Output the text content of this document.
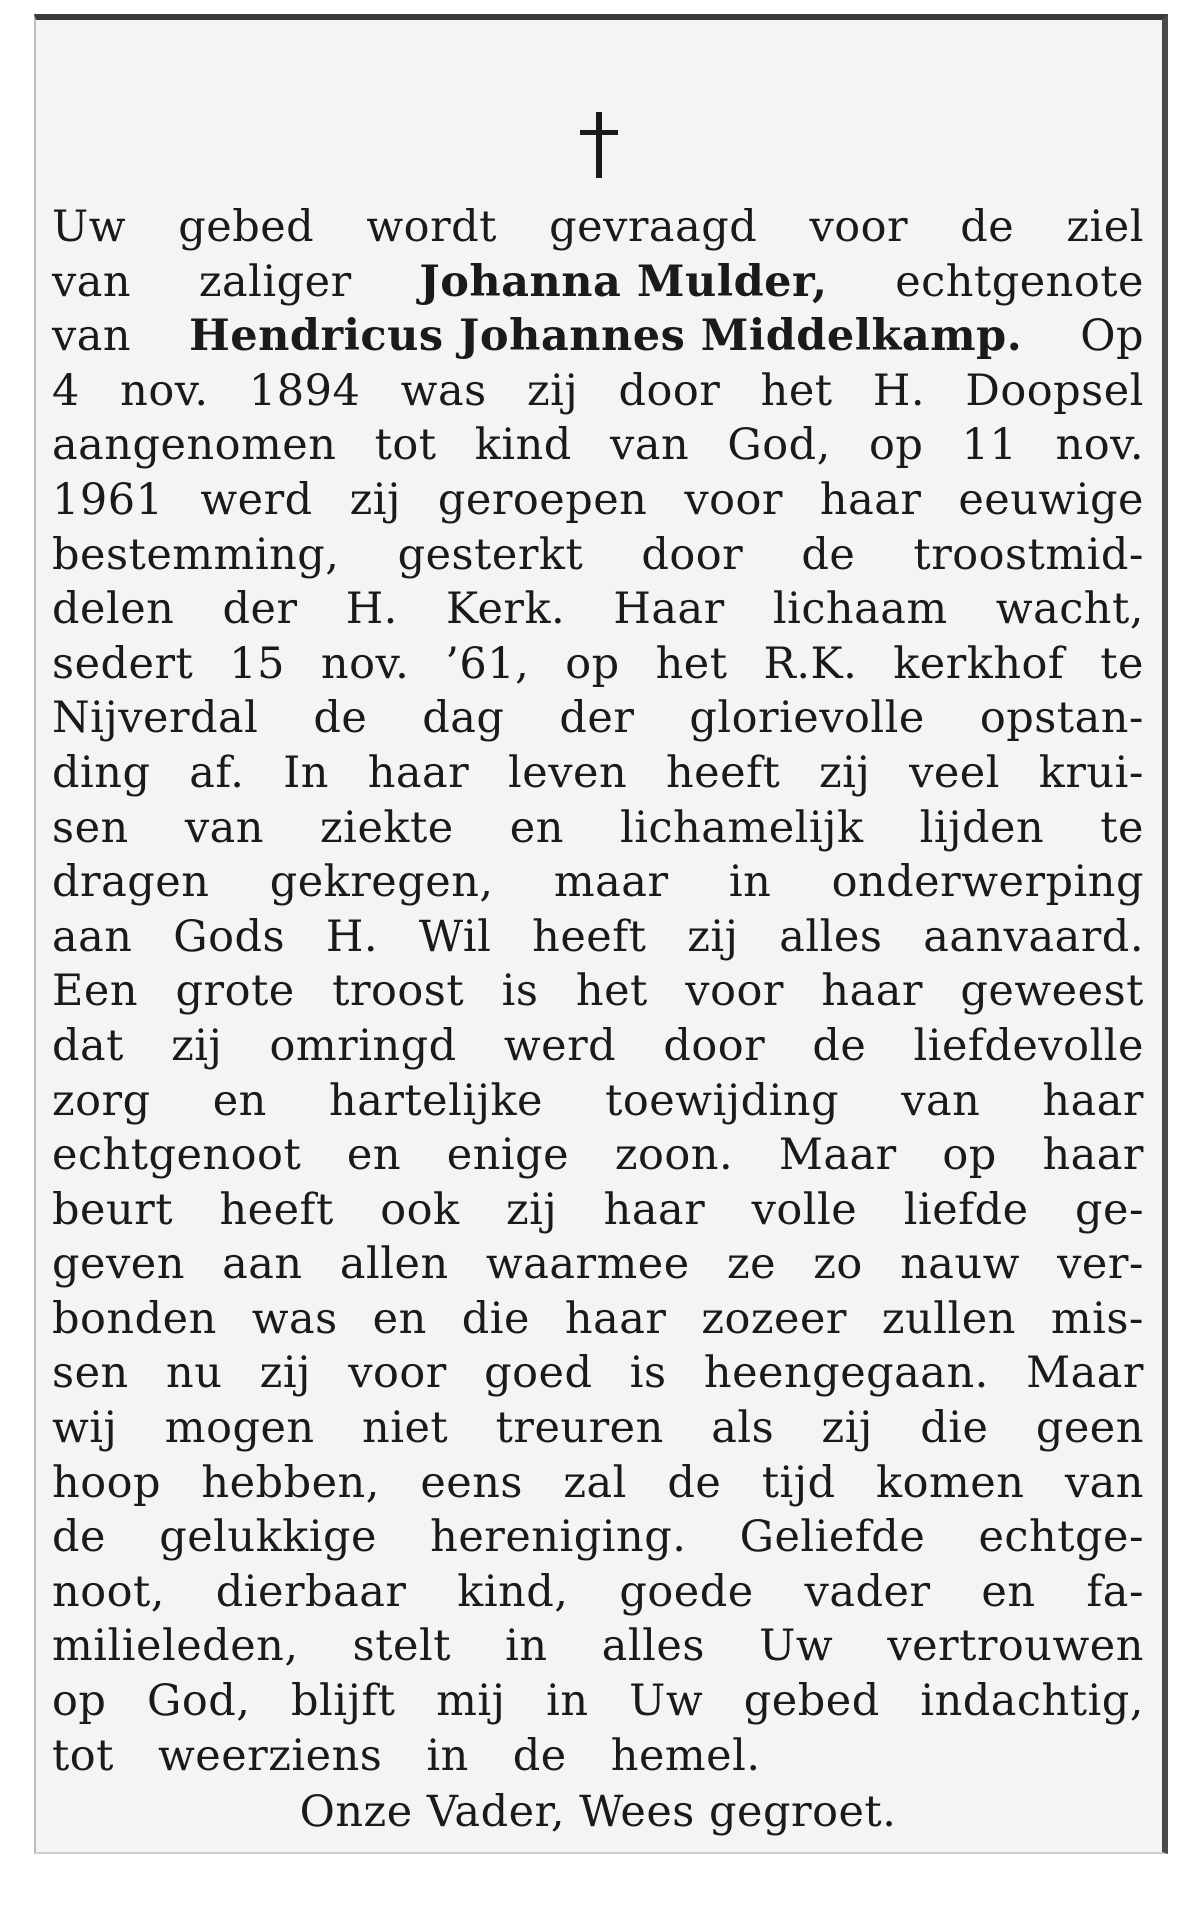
Uw gebed wordt gevraagd voor de ziel
van zaliger Johanna Mulder, echtgenote
van Hendricus Johannes Middelkamp. Op
4 nov. 1894 was zij door het H. Doopsel
aangenomen tot kind van God, op 11 nov.
1961 werd zij geroepen voor haar eeuwige
bestemming, gesterkt door de troostmid-
delen der H. Kerk. Haar lichaam wacht,
sedert 15 nov. ’61, op het R.K. kerkhof te
Nijverdal de dag der glorievolle opstan-
ding af. In haar leven heeft zij veel krui-
sen van ziekte en lichamelijk lijden te
dragen gekregen, maar in onderwerping
aan Gods H. Wil heeft zij alles aanvaard.
Een grote troost is het voor haar geweest
dat zij omringd werd door de liefdevolle
zorg en hartelijke toewijding van haar
echtgenoot en enige zoon. Maar op haar
beurt heeft ook zij haar volle liefde ge-
geven aan allen waarmee ze zo nauw ver-
bonden was en die haar zozeer zullen mis-
sen nu zij voor goed is heengegaan. Maar
wij mogen niet treuren als zij die geen
hoop hebben, eens zal de tijd komen van
de gelukkige hereniging. Geliefde echtge-
noot, dierbaar kind, goede vader en fa-
milieleden, stelt in alles Uw vertrouwen
op God, blijft mij in Uw gebed indachtig,
tot weerziens in de hemel.
Onze Vader, Wees gegroet.
